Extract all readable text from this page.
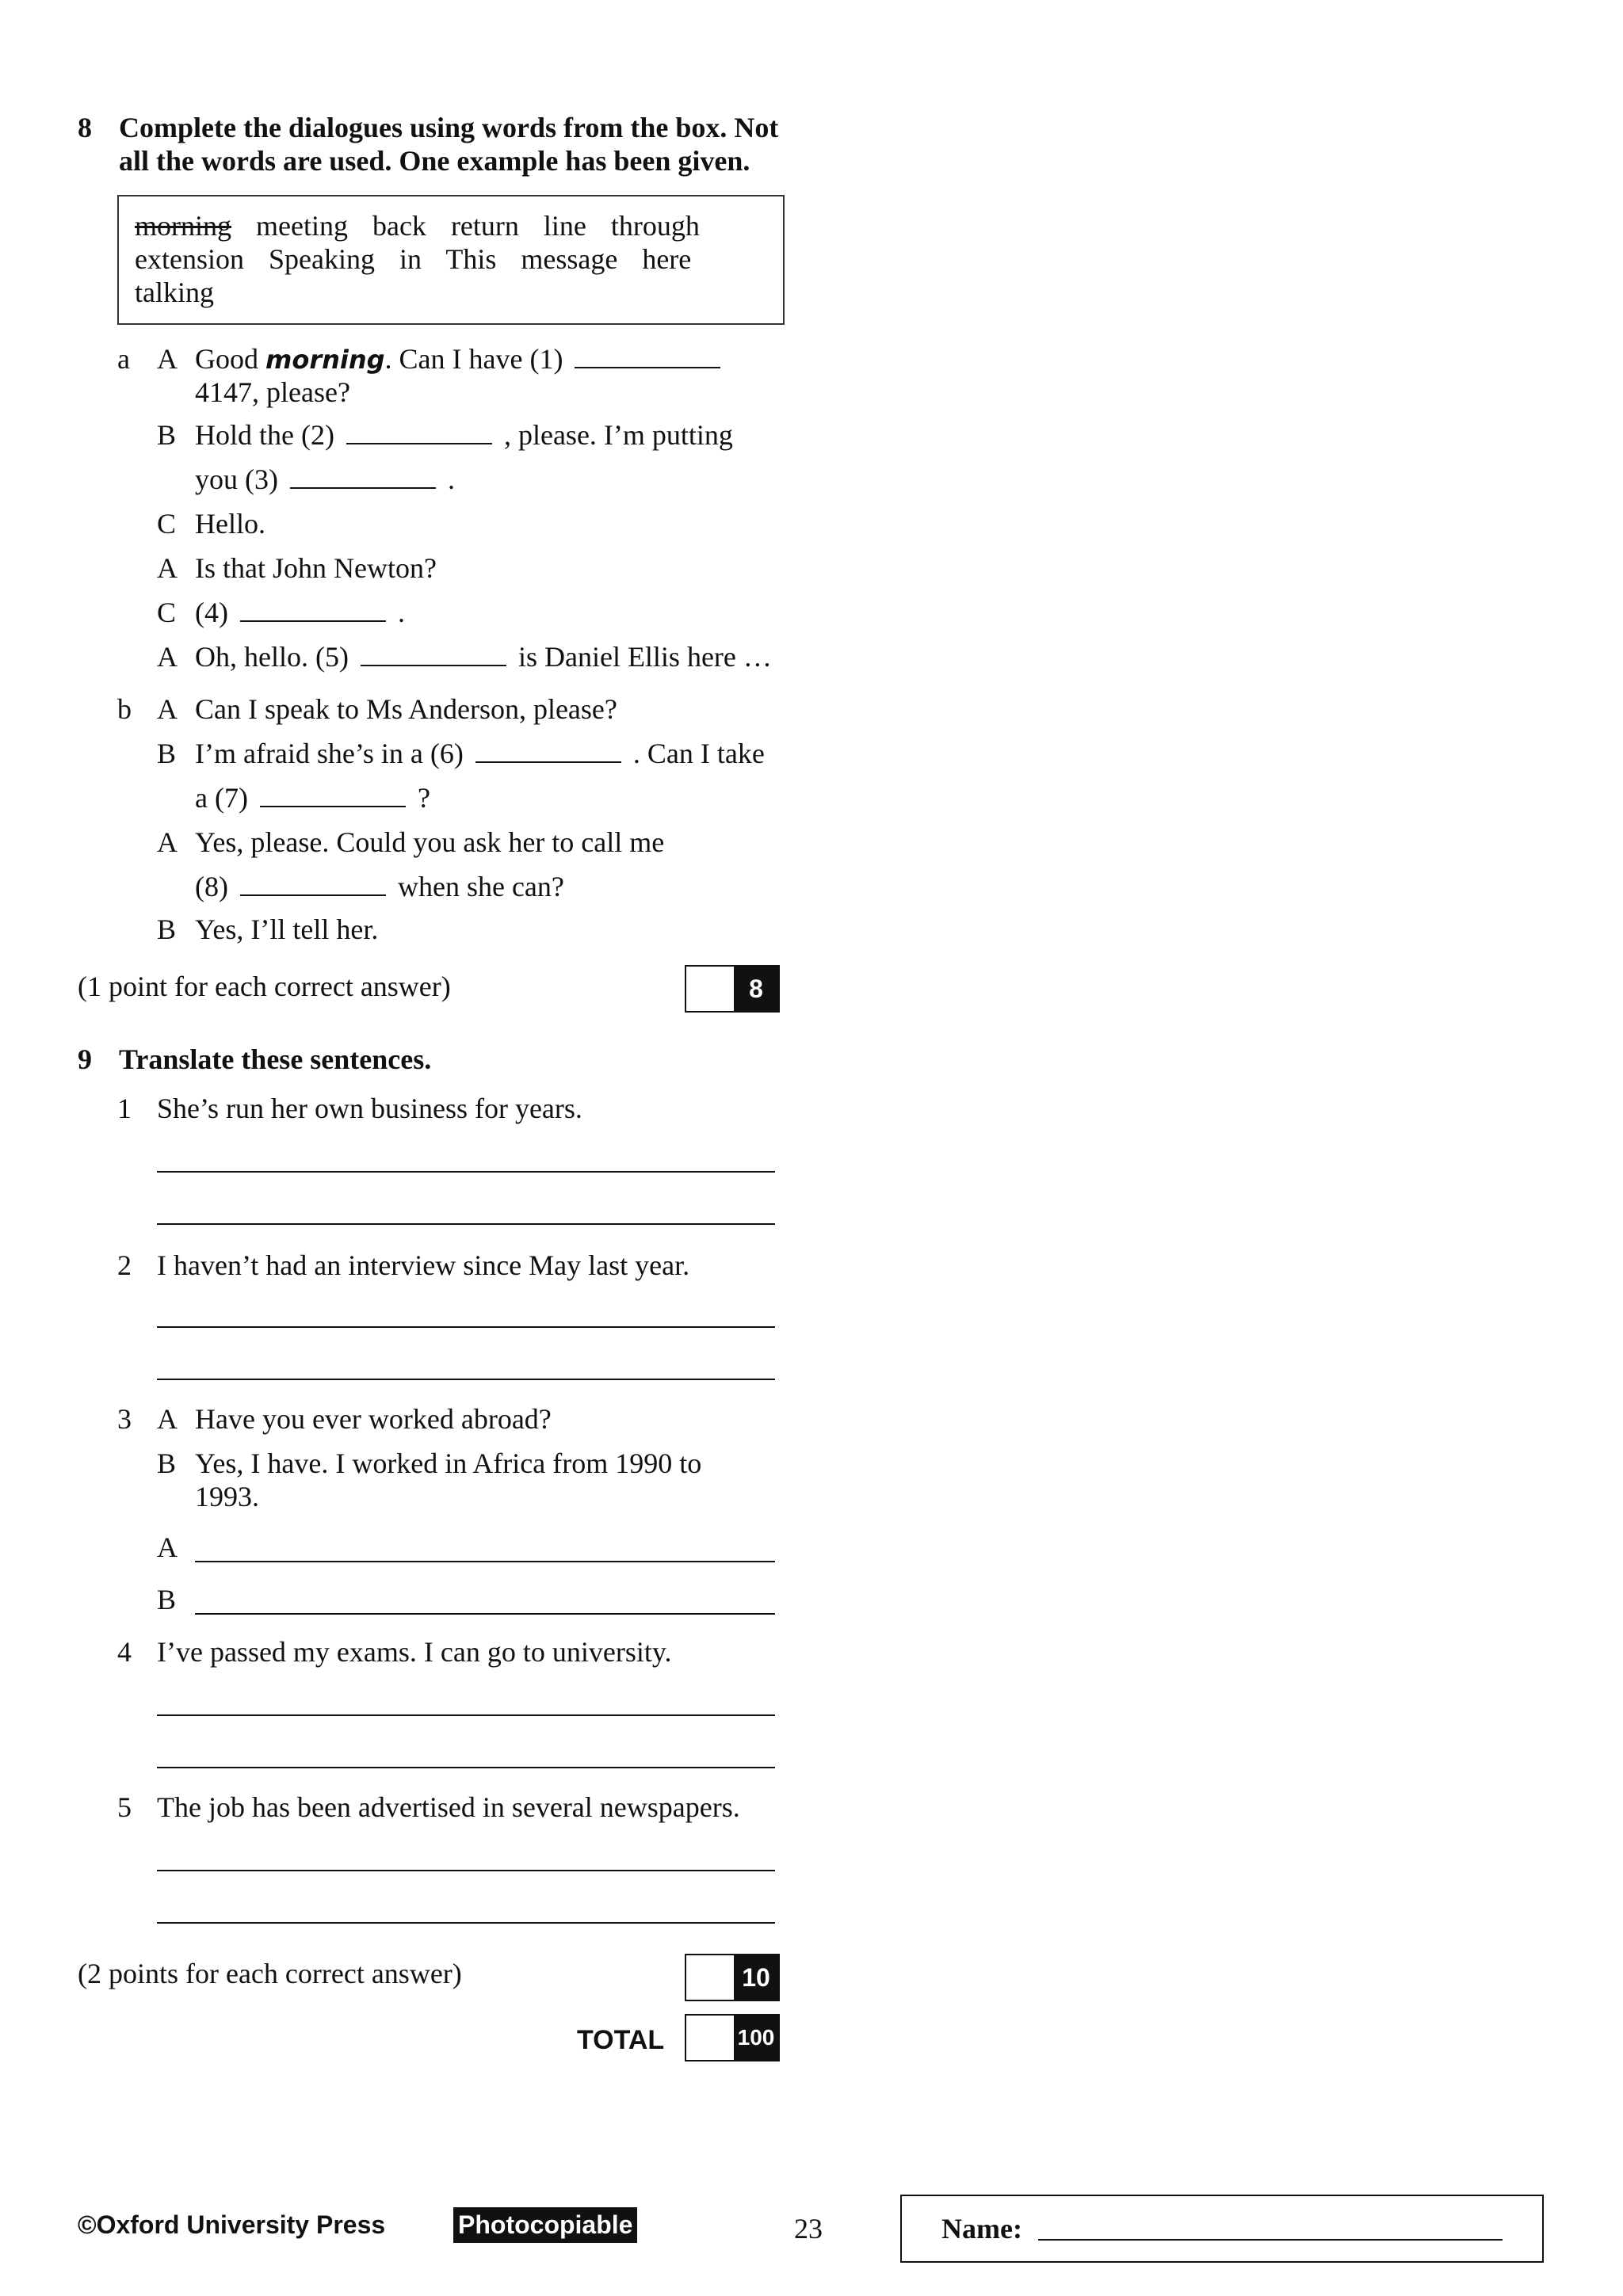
8 Complete the dialogues using words from the box. Not
all the words are used. One example has been given.
morning meeting back return line through
extension Speaking in This message here
talking
a A Good morning. Can I have (1)
4147, please?
B Hold the (2)	, please. I’m putting
you (3)	.
C Hello.
A Is that John Newton?
C (4)	.
A Oh, hello. (5)	is Daniel Ellis here …
b A Can I speak to Ms Anderson, please?
B I’m afraid she’s in a (6)	. Can I take
a (7)	?
A Yes, please. Could you ask her to call me
(8)	when she can?
B Yes, I’ll tell her.
(1 point for each correct answer)	8
9 Translate these sentences.
1 She’s run her own business for years.
2 I haven’t had an interview since May last year.
3 A Have you ever worked abroad?
B Yes, I have. I worked in Africa from 1990 to
1993.
A
B
4 I’ve passed my exams. I can go to university.
5 The job has been advertised in several newspapers.
(2 points for each correct answer)	10
TOTAL	100
©Oxford University Press	Photocopiable	23	Name:
